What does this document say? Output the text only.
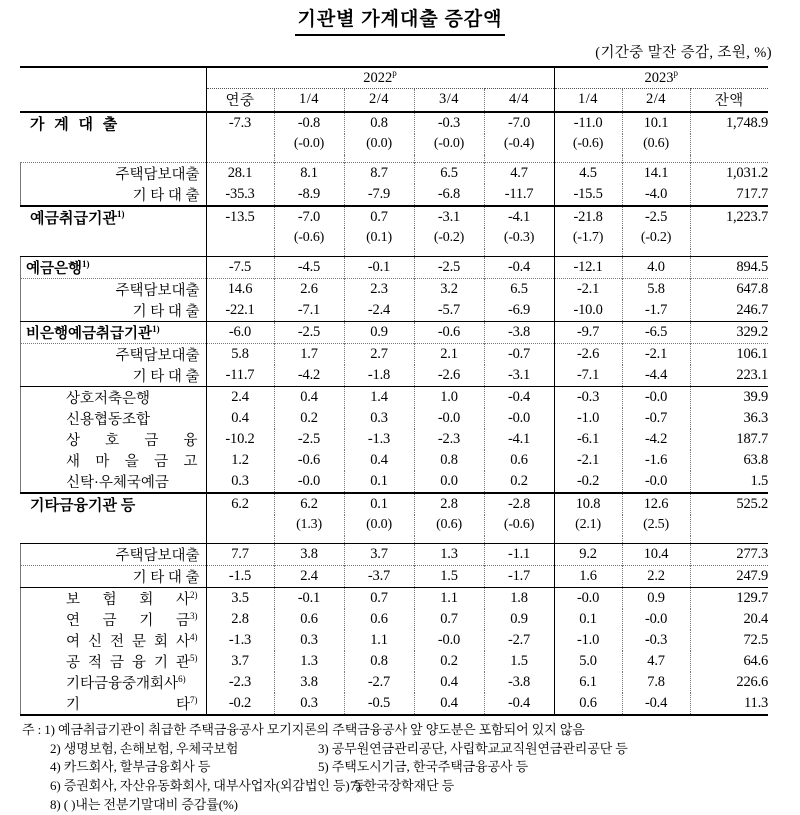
기관별 가계대출 증감액
(기간중 말잔 증감, 조원, %)
	2022$^p$					2023$^p$
	연중	1/4	2/4	3/4	4/4	1/4	2/4	잔액

가 계 대 출	-7.3	-0.8	0.8	-0.3	-7.0	-11.0	10.1	1,748.9
		(-0.0)	(0.0)	(-0.0)	(-0.4)	(-0.6)	(0.6)	

주택담보대출	28.1	8.1	8.7	6.5	4.7	4.5	14.1	1,031.2

기 타 대 출	-35.3	-8.9	-7.9	-6.8	-11.7	-15.5	-4.0	717.7

예금취급기관$^{1)}$	-13.5	-7.0	0.7	-3.1	-4.1	-21.8	-2.5	1,223.7
		(-0.6)	(0.1)	(-0.2)	(-0.3)	(-1.7)	(-0.2)	

예금은행$^{1)}$	-7.5	-4.5	-0.1	-2.5	-0.4	-12.1	4.0	894.5

주택담보대출	14.6	2.6	2.3	3.2	6.5	-2.1	5.8	647.8

기 타 대 출	-22.1	-7.1	-2.4	-5.7	-6.9	-10.0	-1.7	246.7

비은행예금취급기관$^{1)}$	-6.0	-2.5	0.9	-0.6	-3.8	-9.7	-6.5	329.2

주택담보대출	5.8	1.7	2.7	2.1	-0.7	-2.6	-2.1	106.1

기 타 대 출	-11.7	-4.2	-1.8	-2.6	-3.1	-7.1	-4.4	223.1

상호저축은행	2.4	0.4	1.4	1.0	-0.4	-0.3	-0.0	39.9

신용협동조합	0.4	0.2	0.3	-0.0	-0.0	-1.0	-0.7	36.3

상 호 금 융	-10.2	-2.5	-1.3	-2.3	-4.1	-6.1	-4.2	187.7

새 마 을 금 고	1.2	-0.6	0.4	0.8	0.6	-2.1	-1.6	63.8

신탁·우체국예금	0.3	-0.0	0.1	0.0	0.2	-0.2	-0.0	1.5

기타금융기관 등	6.2	6.2	0.1	2.8	-2.8	10.8	12.6	525.2
		(1.3)	(0.0)	(0.6)	(-0.6)	(2.1)	(2.5)	

주택담보대출	7.7	3.8	3.7	1.3	-1.1	9.2	10.4	277.3

기 타 대 출	-1.5	2.4	-3.7	1.5	-1.7	1.6	2.2	247.9

보 험 회 사$^{2)}$	3.5	-0.1	0.7	1.1	1.8	-0.0	0.9	129.7

연 금 기 금$^{3)}$	2.8	0.6	0.6	0.7	0.9	0.1	-0.0	20.4

여 신 전 문 회 사$^{4)}$	-1.3	0.3	1.1	-0.0	-2.7	-1.0	-0.3	72.5

공 적 금 융 기 관$^{5)}$	3.7	1.3	0.8	0.2	1.5	5.0	4.7	64.6

기타금융중개회사$^{6)}$	-2.3	3.8	-2.7	0.4	-3.8	6.1	7.8	226.6

기 타$^{7)}$	-0.2	0.3	-0.5	0.4	-0.4	0.6	-0.4	11.3
주 : 1) 예금취급기관이 취급한 주택금융공사 모기지론의 주택금융공사 앞 양도분은 포함되어 있지 않음
2) 생명보험, 손해보험, 우체국보험	3) 공무원연금관리공단, 사립학교교직원연금관리공단 등
4) 카드회사, 할부금융회사 등	5) 주택도시기금, 한국주택금융공사 등
6) 증권회사, 자산유동화회사, 대부사업자(외감법인 등) 등7) 한국장학재단 등
8) ( )내는 전분기말대비 증감률(%)
